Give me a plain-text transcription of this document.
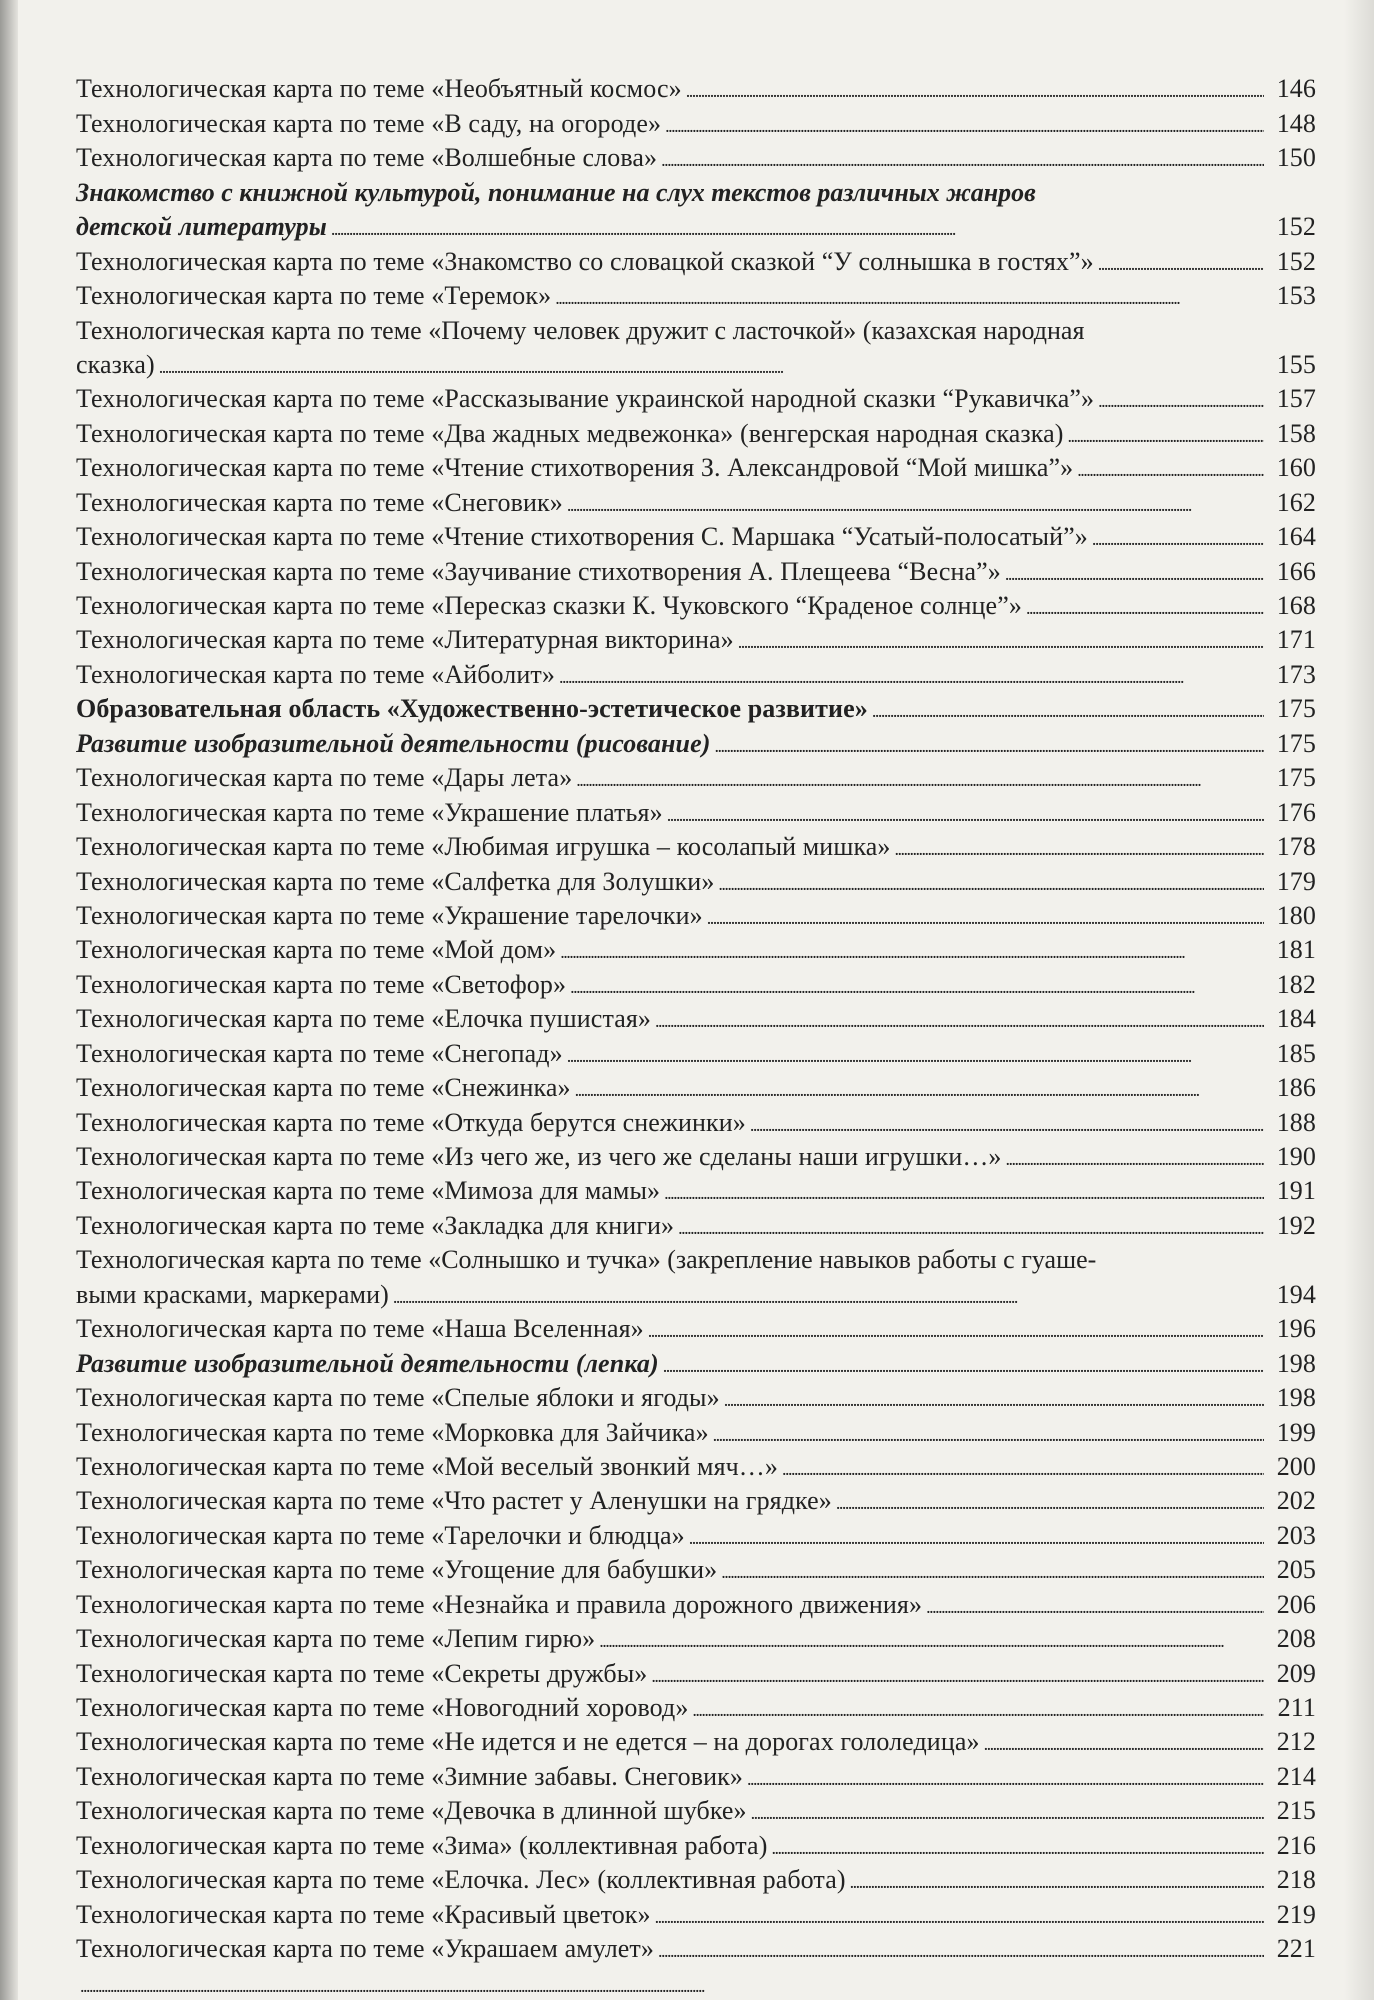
Технологическая карта по теме «Необъятный космос» . . .	146
Технологическая карта по теме «В саду, на огороде» . . .	148
Технологическая карта по теме «Волшебные слова» . . .	150
Знакомство с книжной культурой, понимание на слух текстов различных жанров
детской литературы . . .	152
Технологическая карта по теме «Знакомство со словацкой сказкой “У солнышка в гостях”» . . .	152
Технологическая карта по теме «Теремок» . . .	153
Технологическая карта по теме «Почему человек дружит с ласточкой» (казахская народная
сказка) . . .	155
Технологическая карта по теме «Рассказывание украинской народной сказки “Рукавичка”» . . .	157
Технологическая карта по теме «Два жадных медвежонка» (венгерская народная сказка) . . .	158
Технологическая карта по теме «Чтение стихотворения З. Александровой “Мой мишка”» . . .	160
Технологическая карта по теме «Снеговик» . . .	162
Технологическая карта по теме «Чтение стихотворения С. Маршака “Усатый-полосатый”» . . .	164
Технологическая карта по теме «Заучивание стихотворения А. Плещеева “Весна”» . . .	166
Технологическая карта по теме «Пересказ сказки К. Чуковского “Краденое солнце”» . . .	168
Технологическая карта по теме «Литературная викторина» . . .	171
Технологическая карта по теме «Айболит» . . .	173
Образовательная область «Художественно-эстетическое развитие» . . .	175
Развитие изобразительной деятельности (рисование) . . .	175
Технологическая карта по теме «Дары лета» . . .	175
Технологическая карта по теме «Украшение платья» . . .	176
Технологическая карта по теме «Любимая игрушка – косолапый мишка» . . .	178
Технологическая карта по теме «Салфетка для Золушки» . . .	179
Технологическая карта по теме «Украшение тарелочки» . . .	180
Технологическая карта по теме «Мой дом» . . .	181
Технологическая карта по теме «Светофор» . . .	182
Технологическая карта по теме «Елочка пушистая» . . .	184
Технологическая карта по теме «Снегопад» . . .	185
Технологическая карта по теме «Снежинка» . . .	186
Технологическая карта по теме «Откуда берутся снежинки» . . .	188
Технологическая карта по теме «Из чего же, из чего же сделаны наши игрушки…» . . .	190
Технологическая карта по теме «Мимоза для мамы» . . .	191
Технологическая карта по теме «Закладка для книги» . . .	192
Технологическая карта по теме «Солнышко и тучка» (закрепление навыков работы с гуаше-
выми красками, маркерами) . . .	194
Технологическая карта по теме «Наша Вселенная» . . .	196
Развитие изобразительной деятельности (лепка) . . .	198
Технологическая карта по теме «Спелые яблоки и ягоды» . . .	198
Технологическая карта по теме «Морковка для Зайчика» . . .	199
Технологическая карта по теме «Мой веселый звонкий мяч…» . . .	200
Технологическая карта по теме «Что растет у Аленушки на грядке» . . .	202
Технологическая карта по теме «Тарелочки и блюдца» . . .	203
Технологическая карта по теме «Угощение для бабушки» . . .	205
Технологическая карта по теме «Незнайка и правила дорожного движения» . . .	206
Технологическая карта по теме «Лепим гирю» . . .	208
Технологическая карта по теме «Секреты дружбы» . . .	209
Технологическая карта по теме «Новогодний хоровод» . . .	211
Технологическая карта по теме «Не идется и не едется – на дорогах гололедица» . . .	212
Технологическая карта по теме «Зимние забавы. Снеговик» . . .	214
Технологическая карта по теме «Девочка в длинной шубке» . . .	215
Технологическая карта по теме «Зима» (коллективная работа) . . .	216
Технологическая карта по теме «Елочка. Лес» (коллективная работа) . . .	218
Технологическая карта по теме «Красивый цветок» . . .	219
Технологическая карта по теме «Украшаем амулет» . . .	221
. . .
